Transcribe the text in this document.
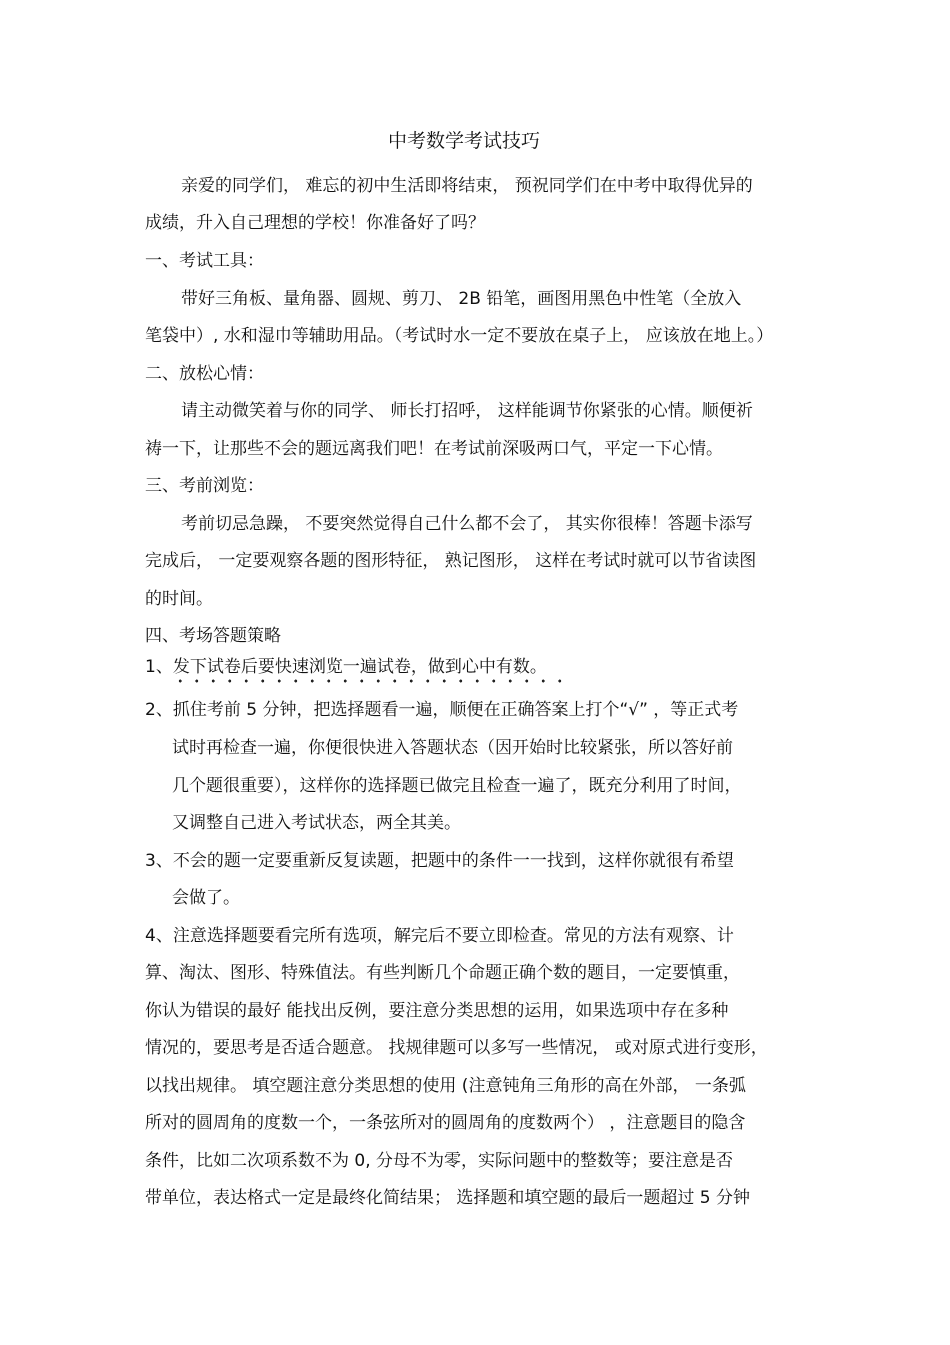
中考数学考试技巧
亲爱的同学们， 难忘的初中生活即将结束， 预祝同学们在中考中取得优异的
成绩，升入自己理想的学校！你准备好了吗？
一、考试工具：
带好三角板、量角器、圆规、剪刀、 2B 铅笔，画图用黑色中性笔（全放入
笔袋中）, 水和湿巾等辅助用品。（考试时水一定不要放在桌子上， 应该放在地上。）
二、放松心情：
请主动微笑着与你的同学、 师长打招呼， 这样能调节你紧张的心情。顺便祈
祷一下，让那些不会的题远离我们吧！在考试前深吸两口气，平定一下心情。
三、考前浏览：
考前切忌急躁， 不要突然觉得自己什么都不会了， 其实你很棒！答题卡添写
完成后， 一定要观察各题的图形特征， 熟记图形， 这样在考试时就可以节省读图
的时间。
四、考场答题策略
1、发下试卷后要快速浏览一遍试卷，做到心中有数。
2、抓住考前 5 分钟，把选择题看一遍，顺便在正确答案上打个“√” ，等正式考
试时再检查一遍，你便很快进入答题状态（因开始时比较紧张，所以答好前
几个题很重要），这样你的选择题已做完且检查一遍了，既充分利用了时间，
又调整自己进入考试状态，两全其美。
3、不会的题一定要重新反复读题，把题中的条件一一找到，这样你就很有希望
会做了。
4、注意选择题要看完所有选项，解完后不要立即检查。常见的方法有观察、计
算、淘汰、图形、特殊值法。有些判断几个命题正确个数的题目，一定要慎重，
你认为错误的最好 能找出反例，要注意分类思想的运用，如果选项中存在多种
情况的，要思考是否适合题意。 找规律题可以多写一些情况， 或对原式进行变形，
以找出规律。 填空题注意分类思想的使用 (注意钝角三角形的高在外部， 一条弧
所对的圆周角的度数一个，一条弦所对的圆周角的度数两个） ，注意题目的隐含
条件，比如二次项系数不为 0, 分母不为零，实际问题中的整数等；要注意是否
带单位，表达格式一定是最终化简结果； 选择题和填空题的最后一题超过 5 分钟
